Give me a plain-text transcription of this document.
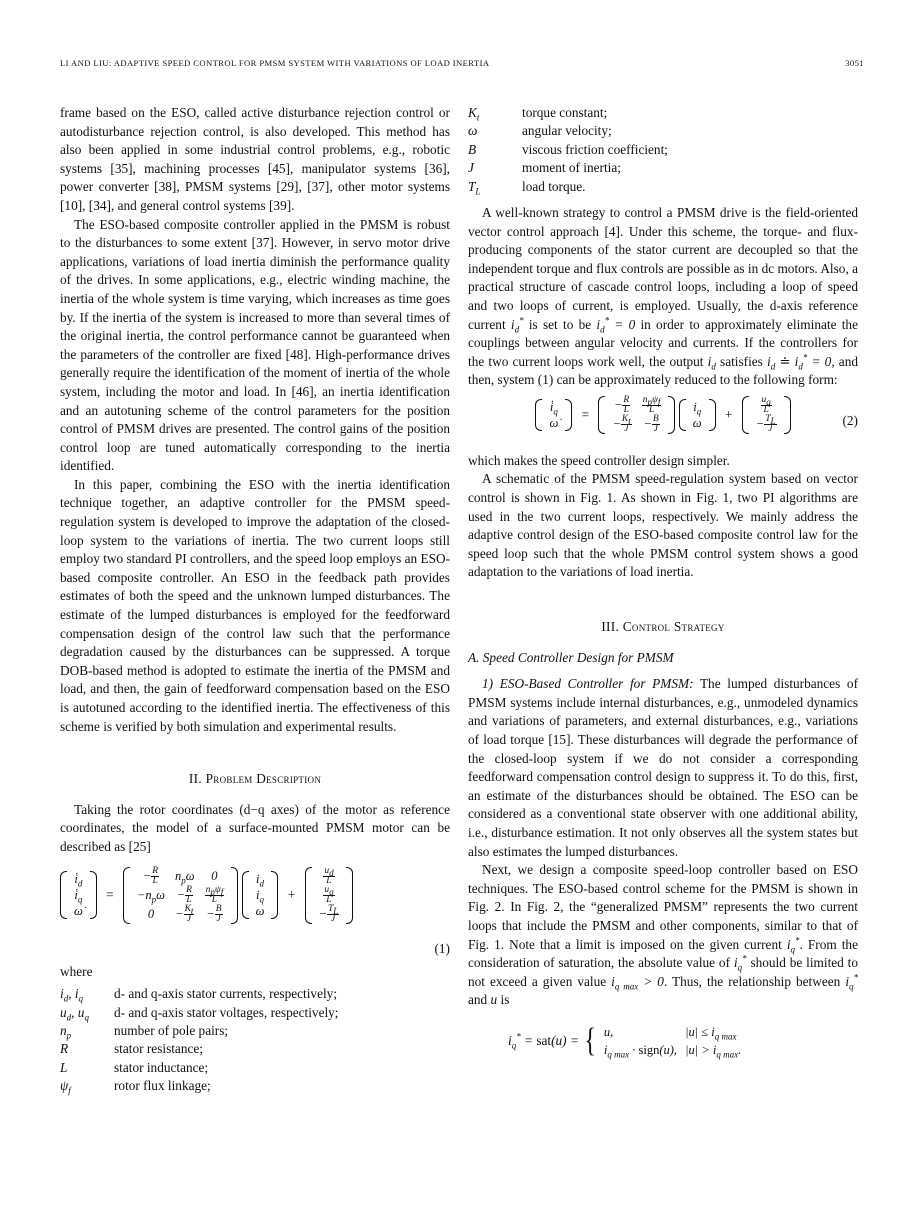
LI AND LIU: ADAPTIVE SPEED CONTROL FOR PMSM SYSTEM WITH VARIATIONS OF LOAD INERTIA	3051

frame based on the ESO, called active disturbance rejection control or autodisturbance rejection control, is also developed. This method has also been applied in some industrial control problems, e.g., robotic systems [35], machining processes [45], manipulator systems [36], power converter [38], PMSM systems [29], [37], other motor systems [10], [34], and general control systems [39].

The ESO-based composite controller applied in the PMSM is robust to the disturbances to some extent [37]. However, in servo motor drive applications, variations of load inertia diminish the performance quality of the drives. In some applications, e.g., electric winding machine, the inertia of the whole system is time varying, which increases as time goes by. If the inertia of the system is increased to more than several times of the original inertia, the control performance cannot be guaranteed when the parameters of the controller are fixed [48]. High-performance drives generally require the identification of the moment of inertia of the whole system, including the motor and load. In [46], an inertia identification and an autotuning scheme of the control parameters for the position control of PMSM drives are presented. The control gains of the position control loop are tuned automatically corresponding to the inertia identified.

In this paper, combining the ESO with the inertia identification technique together, an adaptive controller for the PMSM speed-regulation system is developed to improve the adaptation of the closed-loop system to the variations of inertia. The two current loops still employ two standard PI controllers, and the speed loop employs an ESO-based composite controller. An ESO in the feedback path provides estimates of both the speed and the unknown lumped disturbances. The estimate of the lumped disturbances is employed for the feedforward compensation design of the control law such that the performance degradation caused by the disturbances can be suppressed. A torque DOB-based method is adopted to estimate the inertia of the PMSM and load, and then, the gain of feedforward compensation based on the ESO is autotuned according to the identified inertia. The effectiveness of this scheme is verified by both simulation and experimental results.

II. Problem Description

Taking the rotor coordinates (d−q axes) of the motor as reference coordinates, the model of a surface-mounted PMSM motor can be described as [25]

$i̇_d$
$i̇_q$
ω̇
=
− $\frac{R}{L}$	$n_p\omega$	0
$-n_p\omega$	− $\frac{R}{L}$	$\frac{n_p\psi_f}{L}$

0	− $\frac{K_t}{J}$	− $\frac{B}{J}$

$i_d$
$i_q$
ω
+
$\frac{u_d}{L}$

$\frac{u_q}{L}$

− $\frac{T_L}{J}$
(1)

where

$i_d$, $i_q$ d- and q-axis stator currents, respectively;
$u_d$, $u_q$ d- and q-axis stator voltages, respectively;
$n_p$	number of pole pairs;
R	stator resistance;
L	stator inductance;
$\psi_f$	rotor flux linkage;
$K_t$	torque constant;
ω	angular velocity;
B	viscous friction coefficient;
J	moment of inertia;
$T_L$	load torque.

A well-known strategy to control a PMSM drive is the field-oriented vector control approach [4]. Under this scheme, the torque- and flux-producing components of the stator current are decoupled so that the independent torque and flux controls are possible as in dc motors. Also, a practical structure of cascade control loops, including a loop of speed and two loops of current, is employed. Usually, the d-axis reference current $i_d^*$ is set to be $i_d^* = 0$ in order to approximately eliminate the couplings between angular velocity and currents. If the controllers for the two current loops work well, the output $i_d$ satisfies $i_d$ ≐ $i_d^* = 0$, and then, system (1) can be approximately reduced to the following form:

$i̇_q$
ω̇
=
− $\frac{R}{L}$	$\frac{n_p\psi_f}{L}$

− $\frac{K_t}{J}$	− $\frac{B}{J}$

$i_q$
ω
+	$\frac{u_q}{L}$

− $\frac{T_L}{J}$	(2)

which makes the speed controller design simpler.

A schematic of the PMSM speed-regulation system based on vector control is shown in Fig. 1. As shown in Fig. 1, two PI algorithms are used in the two current loops, respectively. We mainly address the adaptive control design of the ESO-based composite control law for the speed loop such that the whole PMSM control system shows a good adaptation to the variations of load inertia.

III. Control Strategy

A. Speed Controller Design for PMSM

1) ESO-Based Controller for PMSM: The lumped disturbances of PMSM systems include internal disturbances, e.g., unmodeled dynamics and variations of parameters, and external disturbances, e.g., variations of load torque [15]. These disturbances will degrade the performance of the closed-loop system if we do not consider a corresponding feedforward compensation control design to suppress it. To do this, first, an estimate of the disturbances should be obtained. The ESO can be considered as a conventional state observer with one additional ability, i.e., disturbance estimation. It not only observes all the system states but also estimates the lumped disturbances.

Next, we design a composite speed-loop controller based on ESO techniques. The ESO-based control scheme for the PMSM is shown in Fig. 2. In Fig. 2, the “generalized PMSM” represents the two current loops that include the PMSM and other components, similar to that of Fig. 1. Note that a limit is imposed on the given current $i_q^*$. From the consideration of saturation, the absolute value of $i_q^*$ should be limited to not exceed a given value $i_{q max} > 0$. Thus, the relationship between $i_q^*$ and u is

$i_q^* = sat(u)$ = { u,	$|u| \le i_{q max}$
$i_{q max}$ · sign(u),	$|u| > i_{q max}$.
